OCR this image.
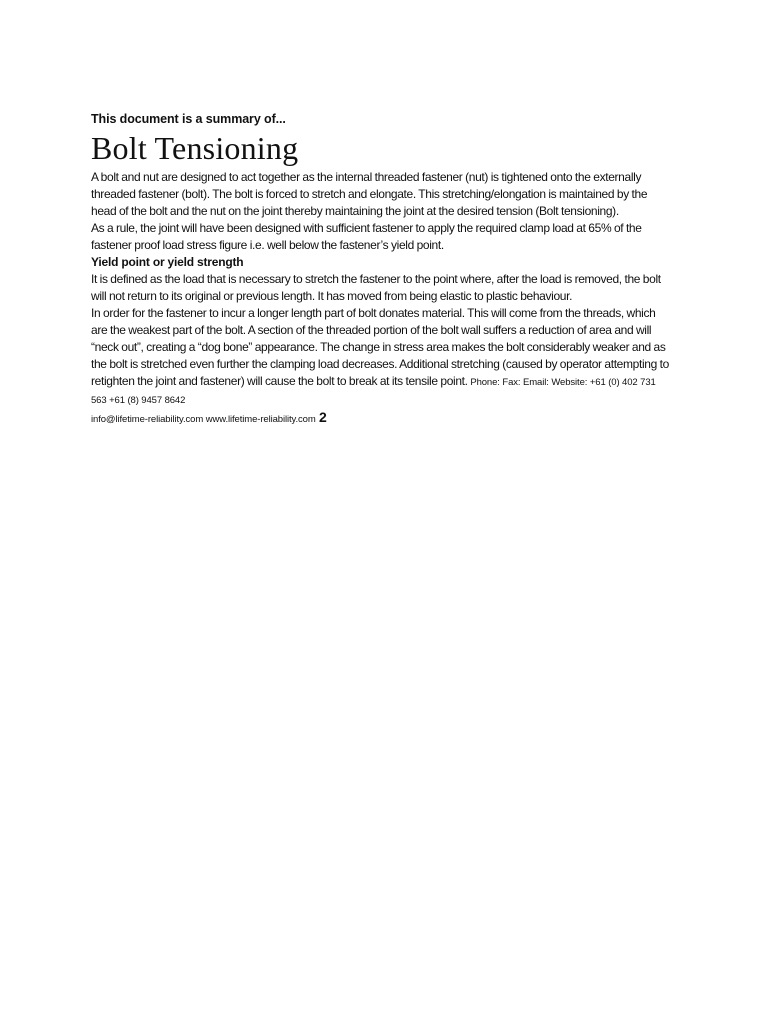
This document is a summary of...

Bolt Tensioning

A bolt and nut are designed to act together as the internal threaded fastener (nut) is tightened onto the externally threaded fastener (bolt). The bolt is forced to stretch and elongate. This stretching/elongation is maintained by the head of the bolt and the nut on the joint thereby maintaining the joint at the desired tension (Bolt tensioning).

As a rule, the joint will have been designed with sufficient fastener to apply the required clamp load at 65% of the fastener proof load stress figure i.e. well below the fastener’s yield point.

Yield point or yield strength

It is defined as the load that is necessary to stretch the fastener to the point where, after the load is removed, the bolt will not return to its original or previous length. It has moved from being elastic to plastic behaviour.

In order for the fastener to incur a longer length part of bolt donates material. This will come from the threads, which are the weakest part of the bolt. A section of the threaded portion of the bolt wall suffers a reduction of area and will “neck out”, creating a “dog bone” appearance. The change in stress area makes the bolt considerably weaker and as the bolt is stretched even further the clamping load decreases. Additional stretching (caused by operator attempting to retighten the joint and fastener) will cause the bolt to break at its tensile point. Phone: Fax: Email: Website: +61 (0) 402 731 563 +61 (8) 9457 8642

info@lifetime-reliability.com www.lifetime-reliability.com 2
